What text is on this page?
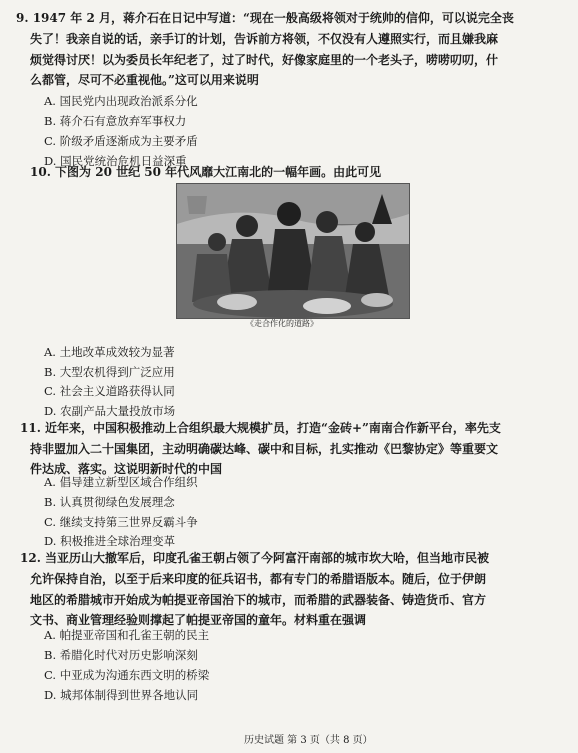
9. 1947 年 2 月，蒋介石在日记中写道：“现在一般高级将领对于统帅的信仰，可以说完全丧
失了！我亲自说的话，亲手订的计划，告诉前方将领，不仅没有人遵照实行，而且嫌我麻
烦觉得讨厌！以为委员长年纪老了，过了时代，好像家庭里的一个老头子，唠唠叨叨，什
么都管，尽可不必重视他。”这可以用来说明
A. 国民党内出现政治派系分化
B. 蒋介石有意放弃军事权力
C. 阶级矛盾逐渐成为主要矛盾
D. 国民党统治危机日益深重
10. 下图为 20 世纪 50 年代风靡大江南北的一幅年画。由此可见
《走合作化的道路》
A. 土地改革成效较为显著
B. 大型农机得到广泛应用
C. 社会主义道路获得认同
D. 农副产品大量投放市场
11. 近年来，中国积极推动上合组织最大规模扩员，打造“金砖+”南南合作新平台，率先支
持非盟加入二十国集团，主动明确碳达峰、碳中和目标，扎实推动《巴黎协定》等重要文
件达成、落实。这说明新时代的中国
A. 倡导建立新型区域合作组织
B. 认真贯彻绿色发展理念
C. 继续支持第三世界反霸斗争
D. 积极推进全球治理变革
12. 当亚历山大撤军后，印度孔雀王朝占领了今阿富汗南部的城市坎大哈，但当地市民被
允许保持自治，以至于后来印度的征兵诏书，都有专门的希腊语版本。随后，位于伊朗
地区的希腊城市开始成为帕提亚帝国治下的城市，而希腊的武器装备、铸造货币、官方
文书、商业管理经验则撑起了帕提亚帝国的童年。材料重在强调
A. 帕提亚帝国和孔雀王朝的民主
B. 希腊化时代对历史影响深刻
C. 中亚成为沟通东西文明的桥梁
D. 城邦体制得到世界各地认同
历史试题 第 3 页（共 8 页）
